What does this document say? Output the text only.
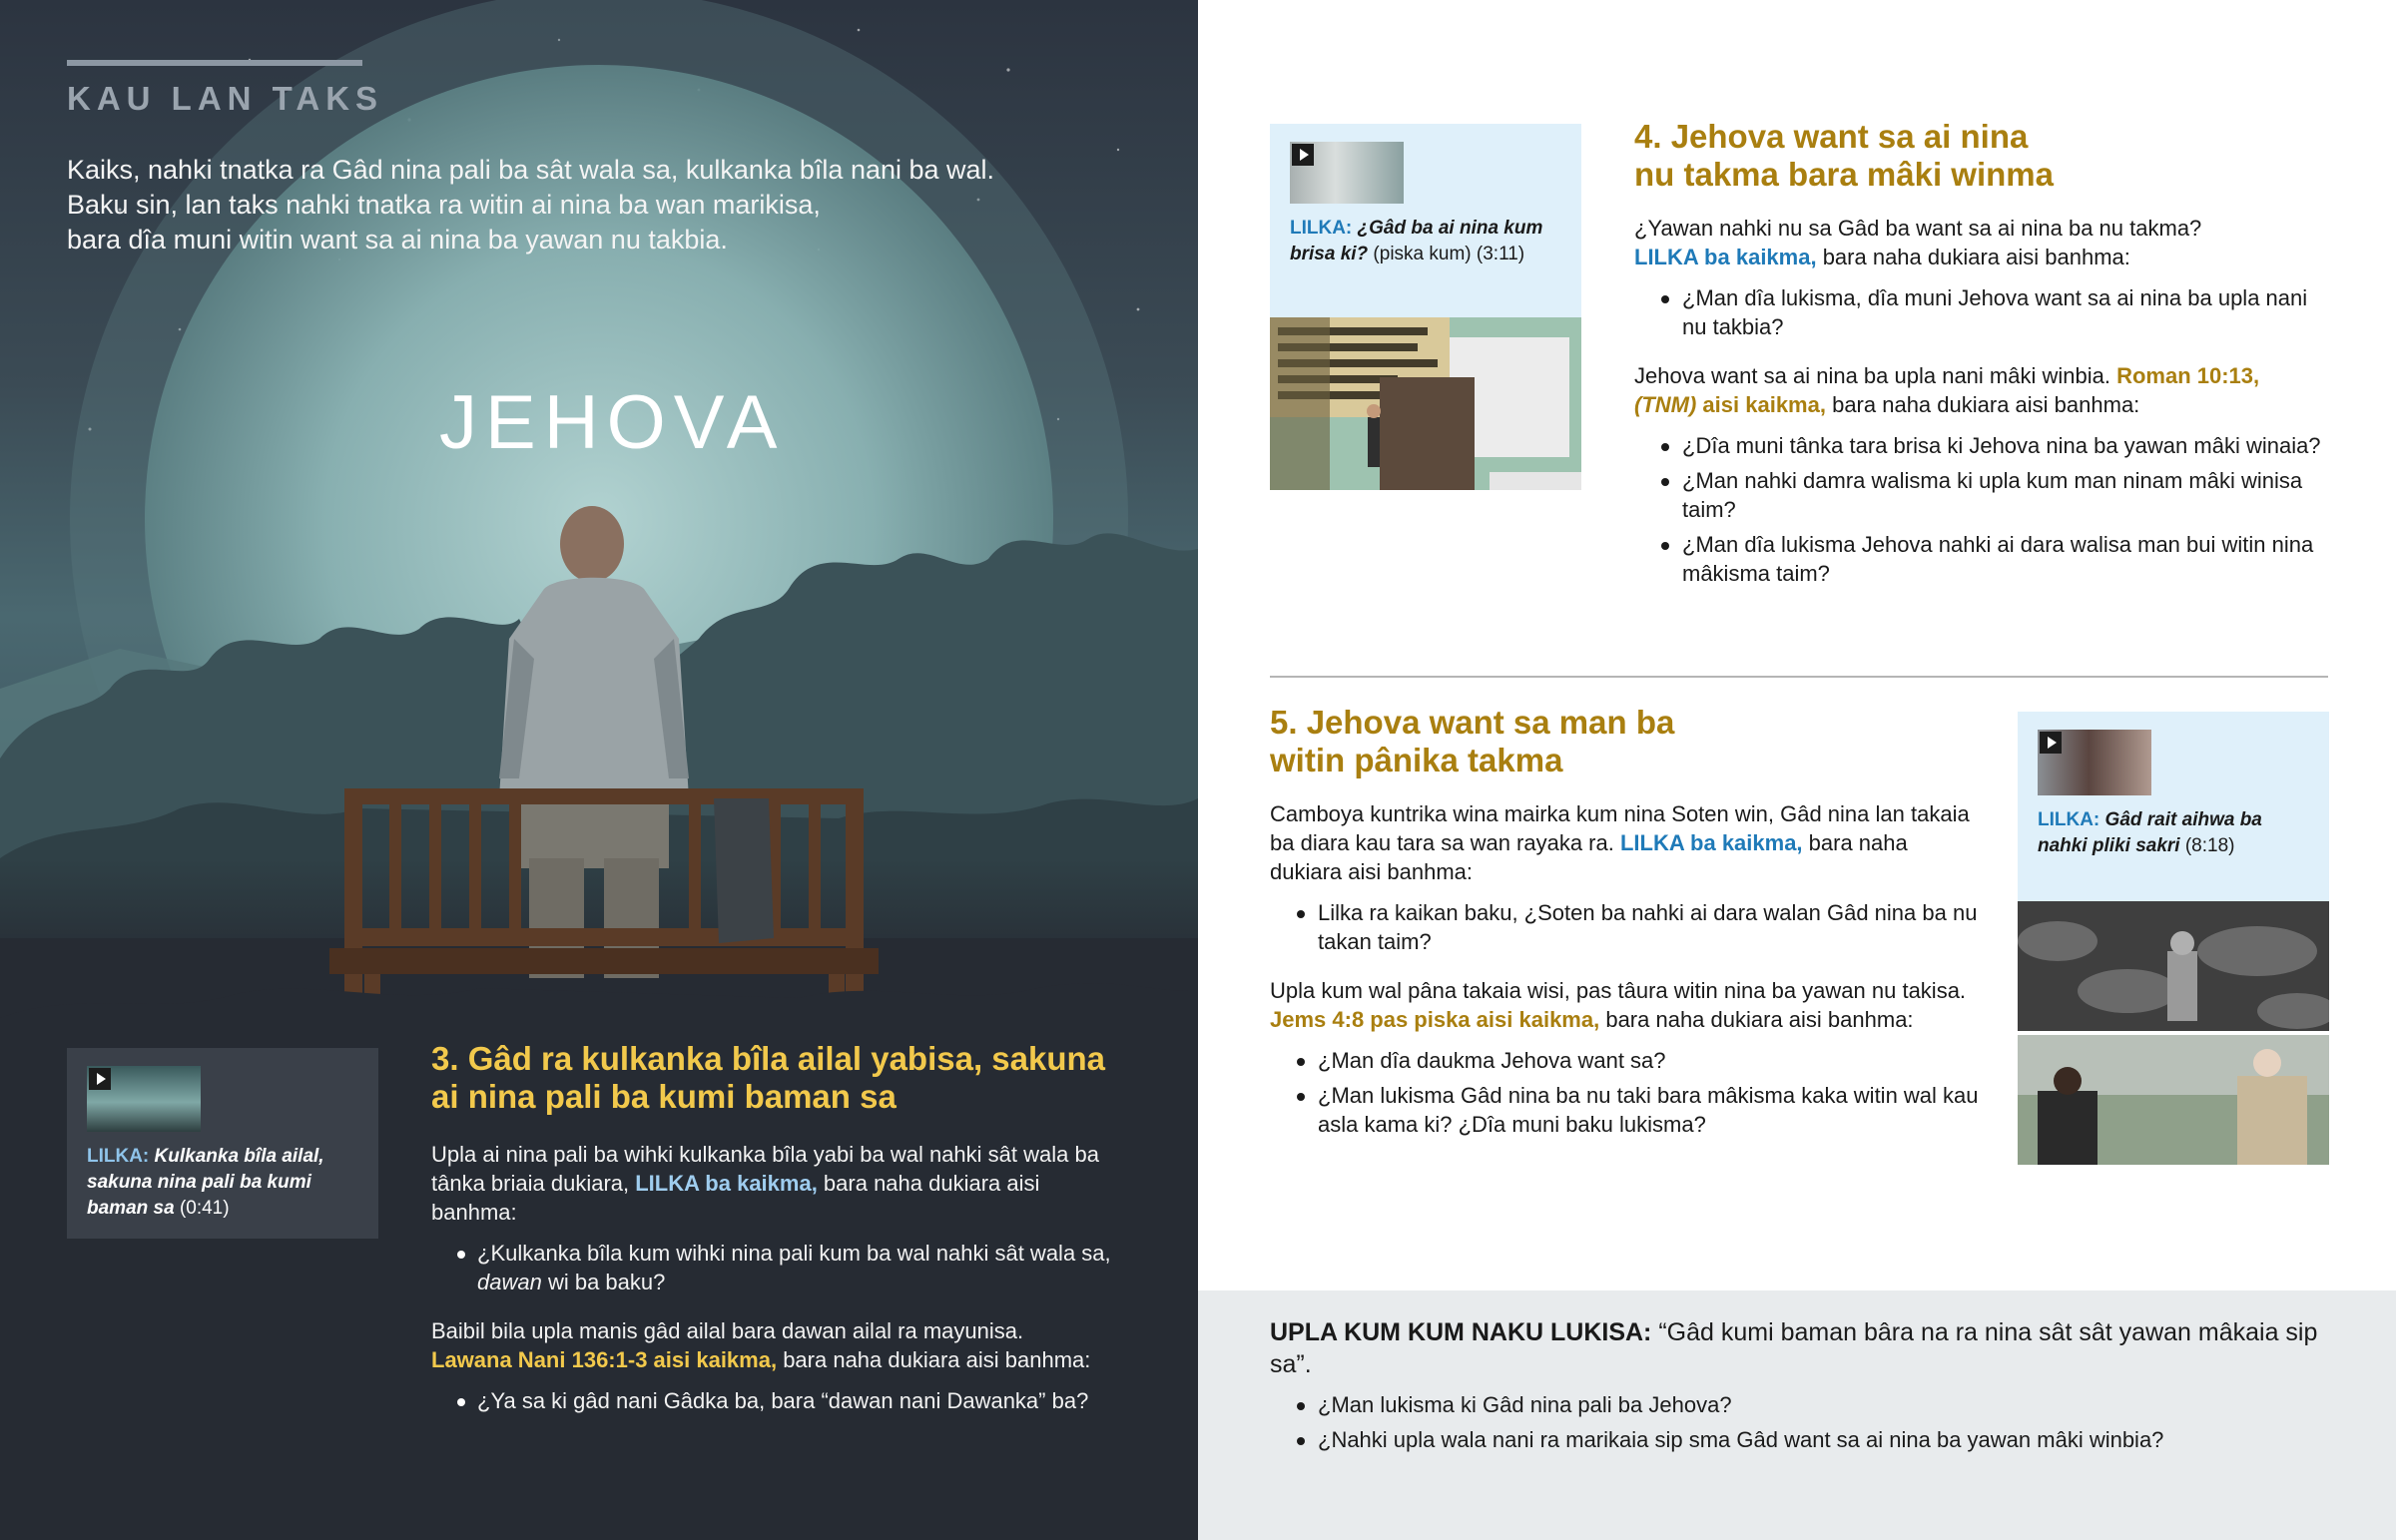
KAU LAN TAKS

Kaiks, nahki tnatka ra Gâd nina pali ba sât wala sa, kulkanka bîla nani ba wal.

Baku sin, lan taks nahki tnatka ra witin ai nina ba wan marikisa,

bara dîa muni witin want sa ai nina ba yawan nu takbia.

JEHOVA
LILKA: Kulkanka bîla ailal, sakuna nina pali ba kumi baman sa (0:41)
3. Gâd ra kulkanka bîla ailal yabisa, sakuna
ai nina pali ba kumi baman sa
Upla ai nina pali ba wihki kulkanka bîla yabi ba wal nahki sât wala ba tânka briaia dukiara, LILKA ba kaikma, bara naha dukiara aisi banhma:
¿Kulkanka bîla kum wihki nina pali kum ba wal nahki sât wala sa, dawan wi ba baku?
Baibil bila upla manis gâd ailal bara dawan ailal ra mayunisa.
Lawana Nani 136:1-3 aisi kaikma, bara naha dukiara aisi banhma:
¿Ya sa ki gâd nani Gâdka ba, bara “dawan nani Dawanka” ba?
LILKA: ¿Gâd ba ai nina kum brisa ki? (piska kum) (3:11)
4. Jehova want sa ai nina
nu takma bara mâki winma
¿Yawan nahki nu sa Gâd ba want sa ai nina ba nu takma?
LILKA ba kaikma, bara naha dukiara aisi banhma:
¿Man dîa lukisma, dîa muni Jehova want sa ai nina ba upla nani nu takbia?
Jehova want sa ai nina ba upla nani mâki winbia. Roman 10:13,
(TNM) aisi kaikma, bara naha dukiara aisi banhma:
¿Dîa muni tânka tara brisa ki Jehova nina ba yawan mâki winaia?
¿Man nahki damra walisma ki upla kum man ninam mâki winisa taim?
¿Man dîa lukisma Jehova nahki ai dara walisa man bui witin nina mâkisma taim?
5. Jehova want sa man ba
witin pânika takma
Camboya kuntrika wina mairka kum nina Soten win, Gâd nina lan takaia ba diara kau tara sa wan rayaka ra. LILKA ba kaikma, bara naha dukiara aisi banhma:
Lilka ra kaikan baku, ¿Soten ba nahki ai dara walan Gâd nina ba nu takan taim?
Upla kum wal pâna takaia wisi, pas tâura witin nina ba yawan nu takisa. Jems 4:8 pas piska aisi kaikma, bara naha dukiara aisi banhma:
¿Man dîa daukma Jehova want sa?
¿Man lukisma Gâd nina ba nu taki bara mâkisma kaka witin wal kau asla kama ki? ¿Dîa muni baku lukisma?
LILKA: Gâd rait aihwa ba nahki pliki sakri (8:18)
UPLA KUM KUM NAKU LUKISA: “Gâd kumi baman bâra na ra nina sât sât yawan mâkaia sip sa”.
¿Man lukisma ki Gâd nina pali ba Jehova?
¿Nahki upla wala nani ra marikaia sip sma Gâd want sa ai nina ba yawan mâki winbia?
